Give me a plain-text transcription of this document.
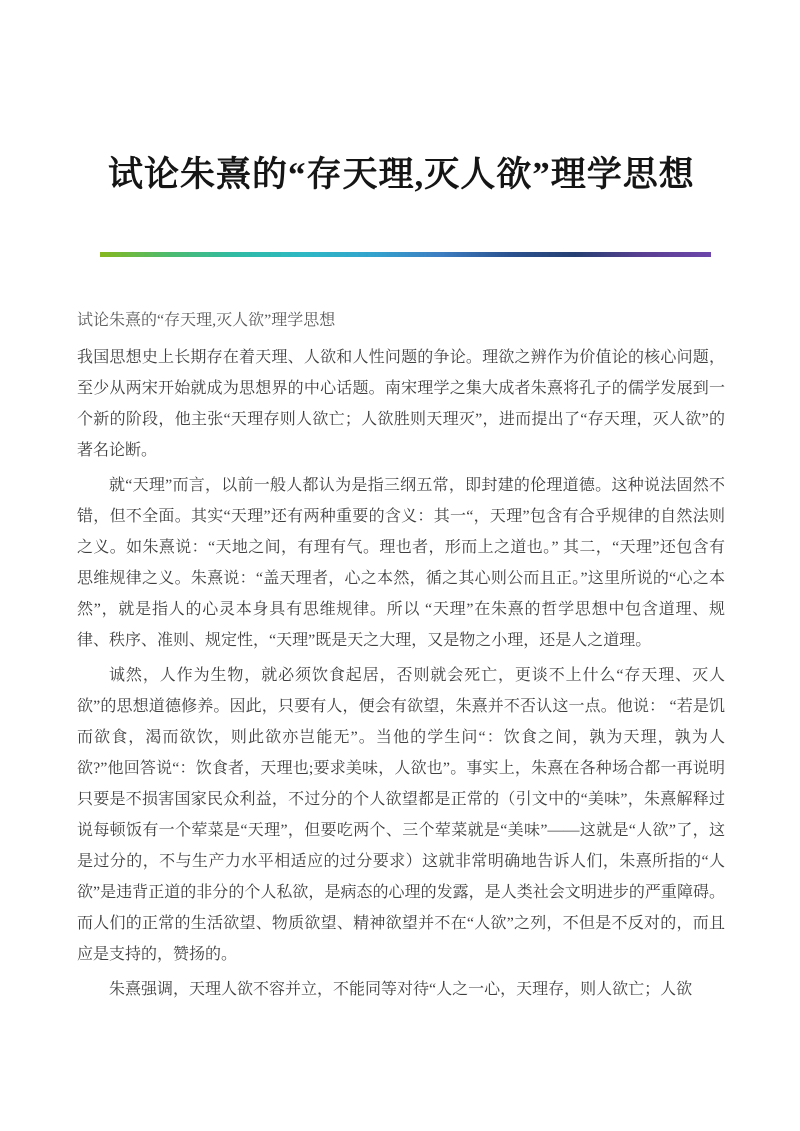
试论朱熹的“存天理,灭人欲”理学思想

试论朱熹的“存天理,灭人欲”理学思想

我国思想史上长期存在着天理、人欲和人性问题的争论。理欲之辨作为价值论的核心问题，至少从两宋开始就成为思想界的中心话题。南宋理学之集大成者朱熹将孔子的儒学发展到一个新的阶段，他主张“天理存则人欲亡；人欲胜则天理灭”，进而提出了“存天理，灭人欲”的著名论断。

就“天理”而言，以前一般人都认为是指三纲五常，即封建的伦理道德。这种说法固然不错，但不全面。其实“天理”还有两种重要的含义：其一“，天理”包含有合乎规律的自然法则之义。如朱熹说：“天地之间，有理有气。理也者，形而上之道也。” 其二，“天理”还包含有思维规律之义。朱熹说：“盖天理者，心之本然，循之其心则公而且正。”这里所说的“心之本然”，就是指人的心灵本身具有思维规律。所以 “天理”在朱熹的哲学思想中包含道理、规律、秩序、准则、规定性，“天理”既是天之大理，又是物之小理，还是人之道理。

诚然，人作为生物，就必须饮食起居，否则就会死亡，更谈不上什么“存天理、灭人欲”的思想道德修养。因此，只要有人，便会有欲望，朱熹并不否认这一点。他说： “若是饥而欲食，渴而欲饮，则此欲亦岂能无”。当他的学生问“：饮食之间，孰为天理，孰为人欲?”他回答说“：饮食者，天理也;要求美味，人欲也”。事实上，朱熹在各种场合都一再说明只要是不损害国家民众利益，不过分的个人欲望都是正常的（引文中的“美味”，朱熹解释过说每顿饭有一个荤菜是“天理”，但要吃两个、三个荤菜就是“美味”——这就是“人欲”了，这是过分的，不与生产力水平相适应的过分要求）这就非常明确地告诉人们，朱熹所指的“人欲”是违背正道的非分的个人私欲，是病态的心理的发露，是人类社会文明进步的严重障碍。而人们的正常的生活欲望、物质欲望、精神欲望并不在“人欲”之列，不但是不反对的，而且应是支持的，赞扬的。

朱熹强调，天理人欲不容并立，不能同等对待“人之一心，天理存，则人欲亡；人欲
